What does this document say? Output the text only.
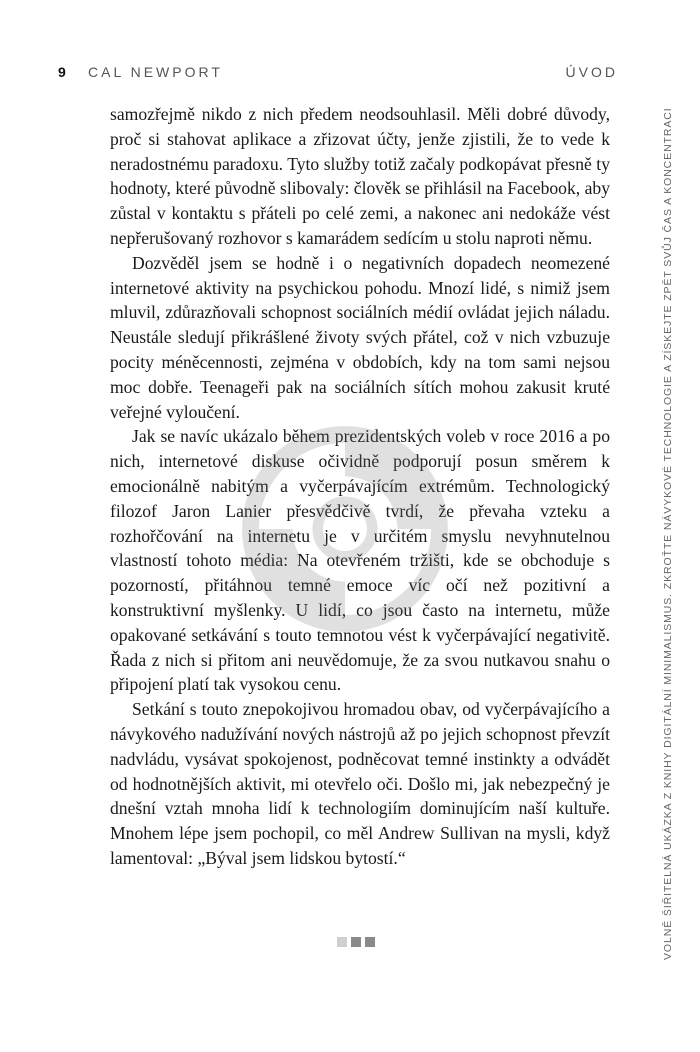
9 CAL NEWPORT	ÚVOD

samozřejmě nikdo z nich předem neodsouhlasil. Měli dobré důvody, proč si stahovat aplikace a zřizovat účty, jenže zjistili, že to vede k neradostnému paradoxu. Tyto služby totiž začaly podkopávat přesně ty hodnoty, které původně slibovaly: člověk se přihlásil na Facebook, aby zůstal v kontaktu s přáteli po celé zemi, a nakonec ani nedokáže vést nepřerušovaný rozhovor s kamarádem sedícím u stolu naproti němu.

Dozvěděl jsem se hodně i o negativních dopadech neomezené internetové aktivity na psychickou pohodu. Mnozí lidé, s nimiž jsem mluvil, zdůrazňovali schopnost sociálních médií ovládat jejich náladu. Neustále sledují přikrášlené životy svých přátel, což v nich vzbuzuje pocity méněcennosti, zejména v obdobích, kdy na tom sami nejsou moc dobře. Teenageři pak na sociálních sítích mohou zakusit kruté veřejné vyloučení.

Jak se navíc ukázalo během prezidentských voleb v roce 2016 a po nich, internetové diskuse očividně podporují posun směrem k emocionálně nabitým a vyčerpávajícím extrémům. Technologický filozof Jaron Lanier přesvědčivě tvrdí, že převaha vzteku a rozhořčování na internetu je v určitém smyslu nevyhnutelnou vlastností tohoto média: Na otevřeném tržišti, kde se obchoduje s pozorností, přitáhnou temné emoce víc očí než pozitivní a konstruktivní myšlenky. U lidí, co jsou často na internetu, může opakované setkávání s touto temnotou vést k vyčerpávající negativitě. Řada z nich si přitom ani neuvědomuje, že za svou nutkavou snahu o připojení platí tak vysokou cenu.

Setkání s touto znepokojivou hromadou obav, od vyčerpávajícího a návykového nadužívání nových nástrojů až po jejich schopnost převzít nadvládu, vysávat spokojenost, podněcovat temné instinkty a odvádět od hodnotnějších aktivit, mi otevřelo oči. Došlo mi, jak nebezpečný je dnešní vztah mnoha lidí k technologiím dominujícím naší kultuře. Mnohem lépe jsem pochopil, co měl Andrew Sullivan na mysli, když lamentoval: „Býval jsem lidskou bytostí.“	VOLNĚ ŠIŘITELNÁ UKÁZKA Z KNIHY DIGITÁLNÍ MINIMALISMUS. ZKROŤTE NÁVYKOVÉ TECHNOLOGIE A ZÍSKEJTE ZPĚT SVŮJ ČAS A KONCENTRACI
